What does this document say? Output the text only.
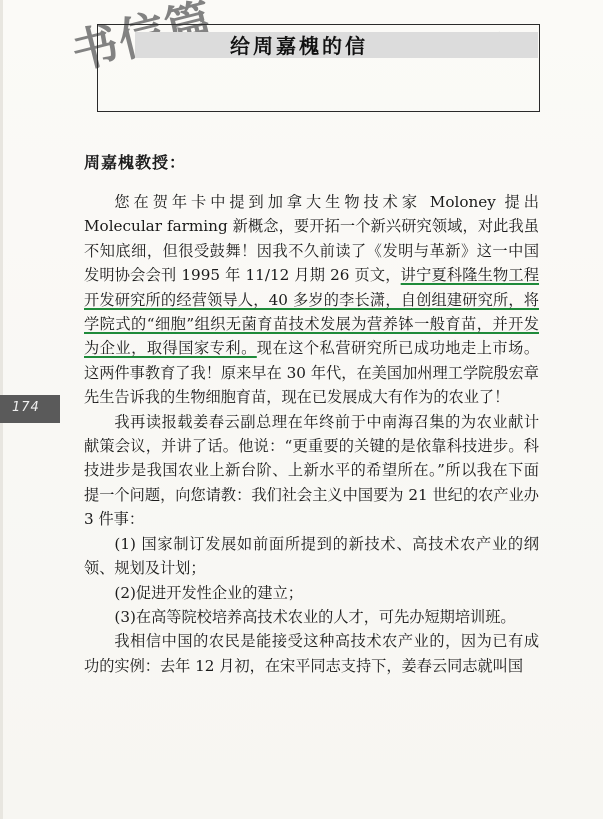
给周嘉槐的信
周嘉槐教授：

您在贺年卡中提到加拿大生物技术家 Moloney 提出 Molecular farming 新概念，要开拓一个新兴研究领域，对此我虽不知底细，但很受鼓舞！因我不久前读了《发明与革新》这一中国发明协会会刊 1995 年 11/12 月期 26 页文，讲宁夏科隆生物工程开发研究所的经营领导人，40 多岁的李长潇，自创组建研究所，将学院式的“细胞”组织无菌育苗技术发展为营养钵一般育苗，并开发为企业，取得国家专利。现在这个私营研究所已成功地走上市场。这两件事教育了我！原来早在 30 年代，在美国加州理工学院殷宏章先生告诉我的生物细胞育苗，现在已发展成大有作为的农业了！

我再读报载姜春云副总理在年终前于中南海召集的为农业献计献策会议，并讲了话。他说：“更重要的关键的是依靠科技进步。科技进步是我国农业上新台阶、上新水平的希望所在。”所以我在下面提一个问题，向您请教：我们社会主义中国要为 21 世纪的农产业办 3 件事：

(1) 国家制订发展如前面所提到的新技术、高技术农产业的纲领、规划及计划；

(2)促进开发性企业的建立；

(3)在高等院校培养高技术农业的人才，可先办短期培训班。

我相信中国的农民是能接受这种高技术农产业的，因为已有成功的实例：去年 12 月初，在宋平同志支持下，姜春云同志就叫国

174
